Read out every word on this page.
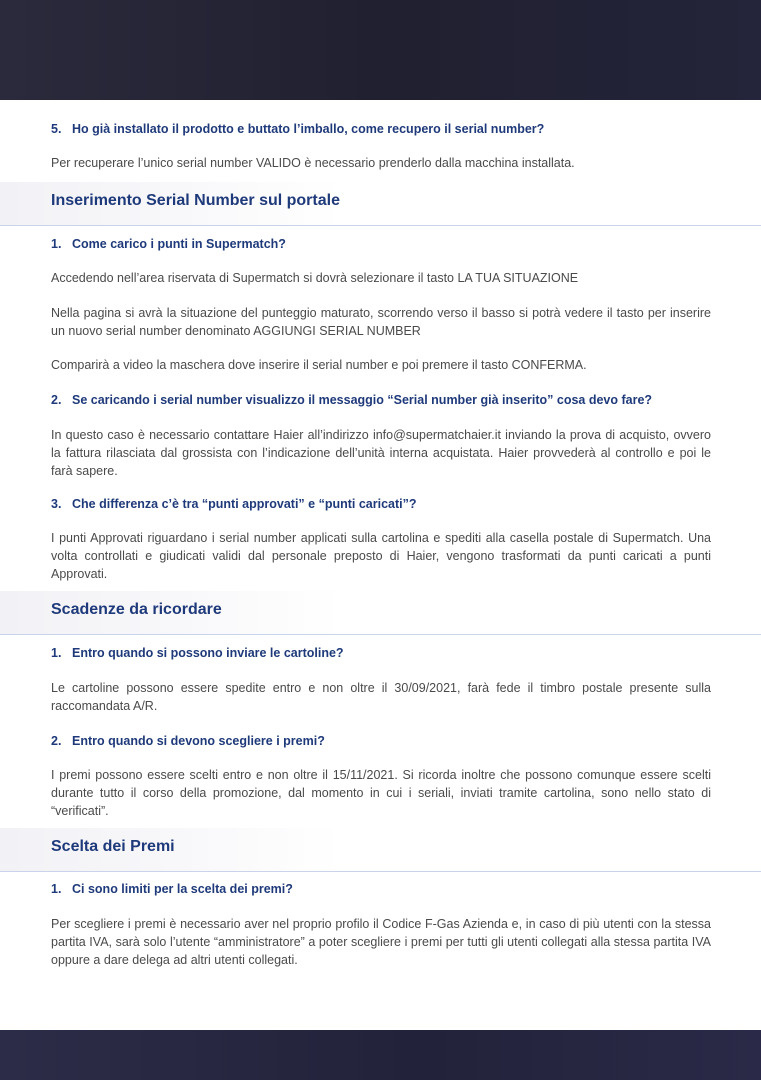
5. Ho già installato il prodotto e buttato l’imballo, come recupero il serial number?
Per recuperare l’unico serial number VALIDO è necessario prenderlo dalla macchina installata.
Inserimento Serial Number sul portale
1. Come carico i punti in Supermatch?
Accedendo nell’area riservata di Supermatch si dovrà selezionare il tasto LA TUA SITUAZIONE
Nella pagina si avrà la situazione del punteggio maturato, scorrendo verso il basso si potrà vedere il tasto per inserire un nuovo serial number denominato AGGIUNGI SERIAL NUMBER
Comparirà a video la maschera dove inserire il serial number e poi premere il tasto CONFERMA.
2. Se caricando i serial number visualizzo il messaggio “Serial number già inserito” cosa devo fare?
In questo caso è necessario contattare Haier all’indirizzo info@supermatchaier.it inviando la prova di acquisto, ovvero la fattura rilasciata dal grossista con l’indicazione dell’unità interna acquistata. Haier provvederà al controllo e poi le farà sapere.
3. Che differenza c’è tra “punti approvati” e “punti caricati”?
I punti Approvati riguardano i serial number applicati sulla cartolina e spediti alla casella postale di Supermatch. Una volta controllati e giudicati validi dal personale preposto di Haier, vengono trasformati da punti caricati a punti Approvati.
Scadenze da ricordare
1. Entro quando si possono inviare le cartoline?
Le cartoline possono essere spedite entro e non oltre il 30/09/2021, farà fede il timbro postale presente sulla raccomandata A/R.
2. Entro quando si devono scegliere i premi?
I premi possono essere scelti entro e non oltre il 15/11/2021. Si ricorda inoltre che possono comunque essere scelti durante tutto il corso della promozione, dal momento in cui i seriali, inviati tramite cartolina, sono nello stato di “verificati”.
Scelta dei Premi
1. Ci sono limiti per la scelta dei premi?
Per scegliere i premi è necessario aver nel proprio profilo il Codice F-Gas Azienda e, in caso di più utenti con la stessa partita IVA, sarà solo l’utente “amministratore” a poter scegliere i premi per tutti gli utenti collegati alla stessa partita IVA oppure a dare delega ad altri utenti collegati.
